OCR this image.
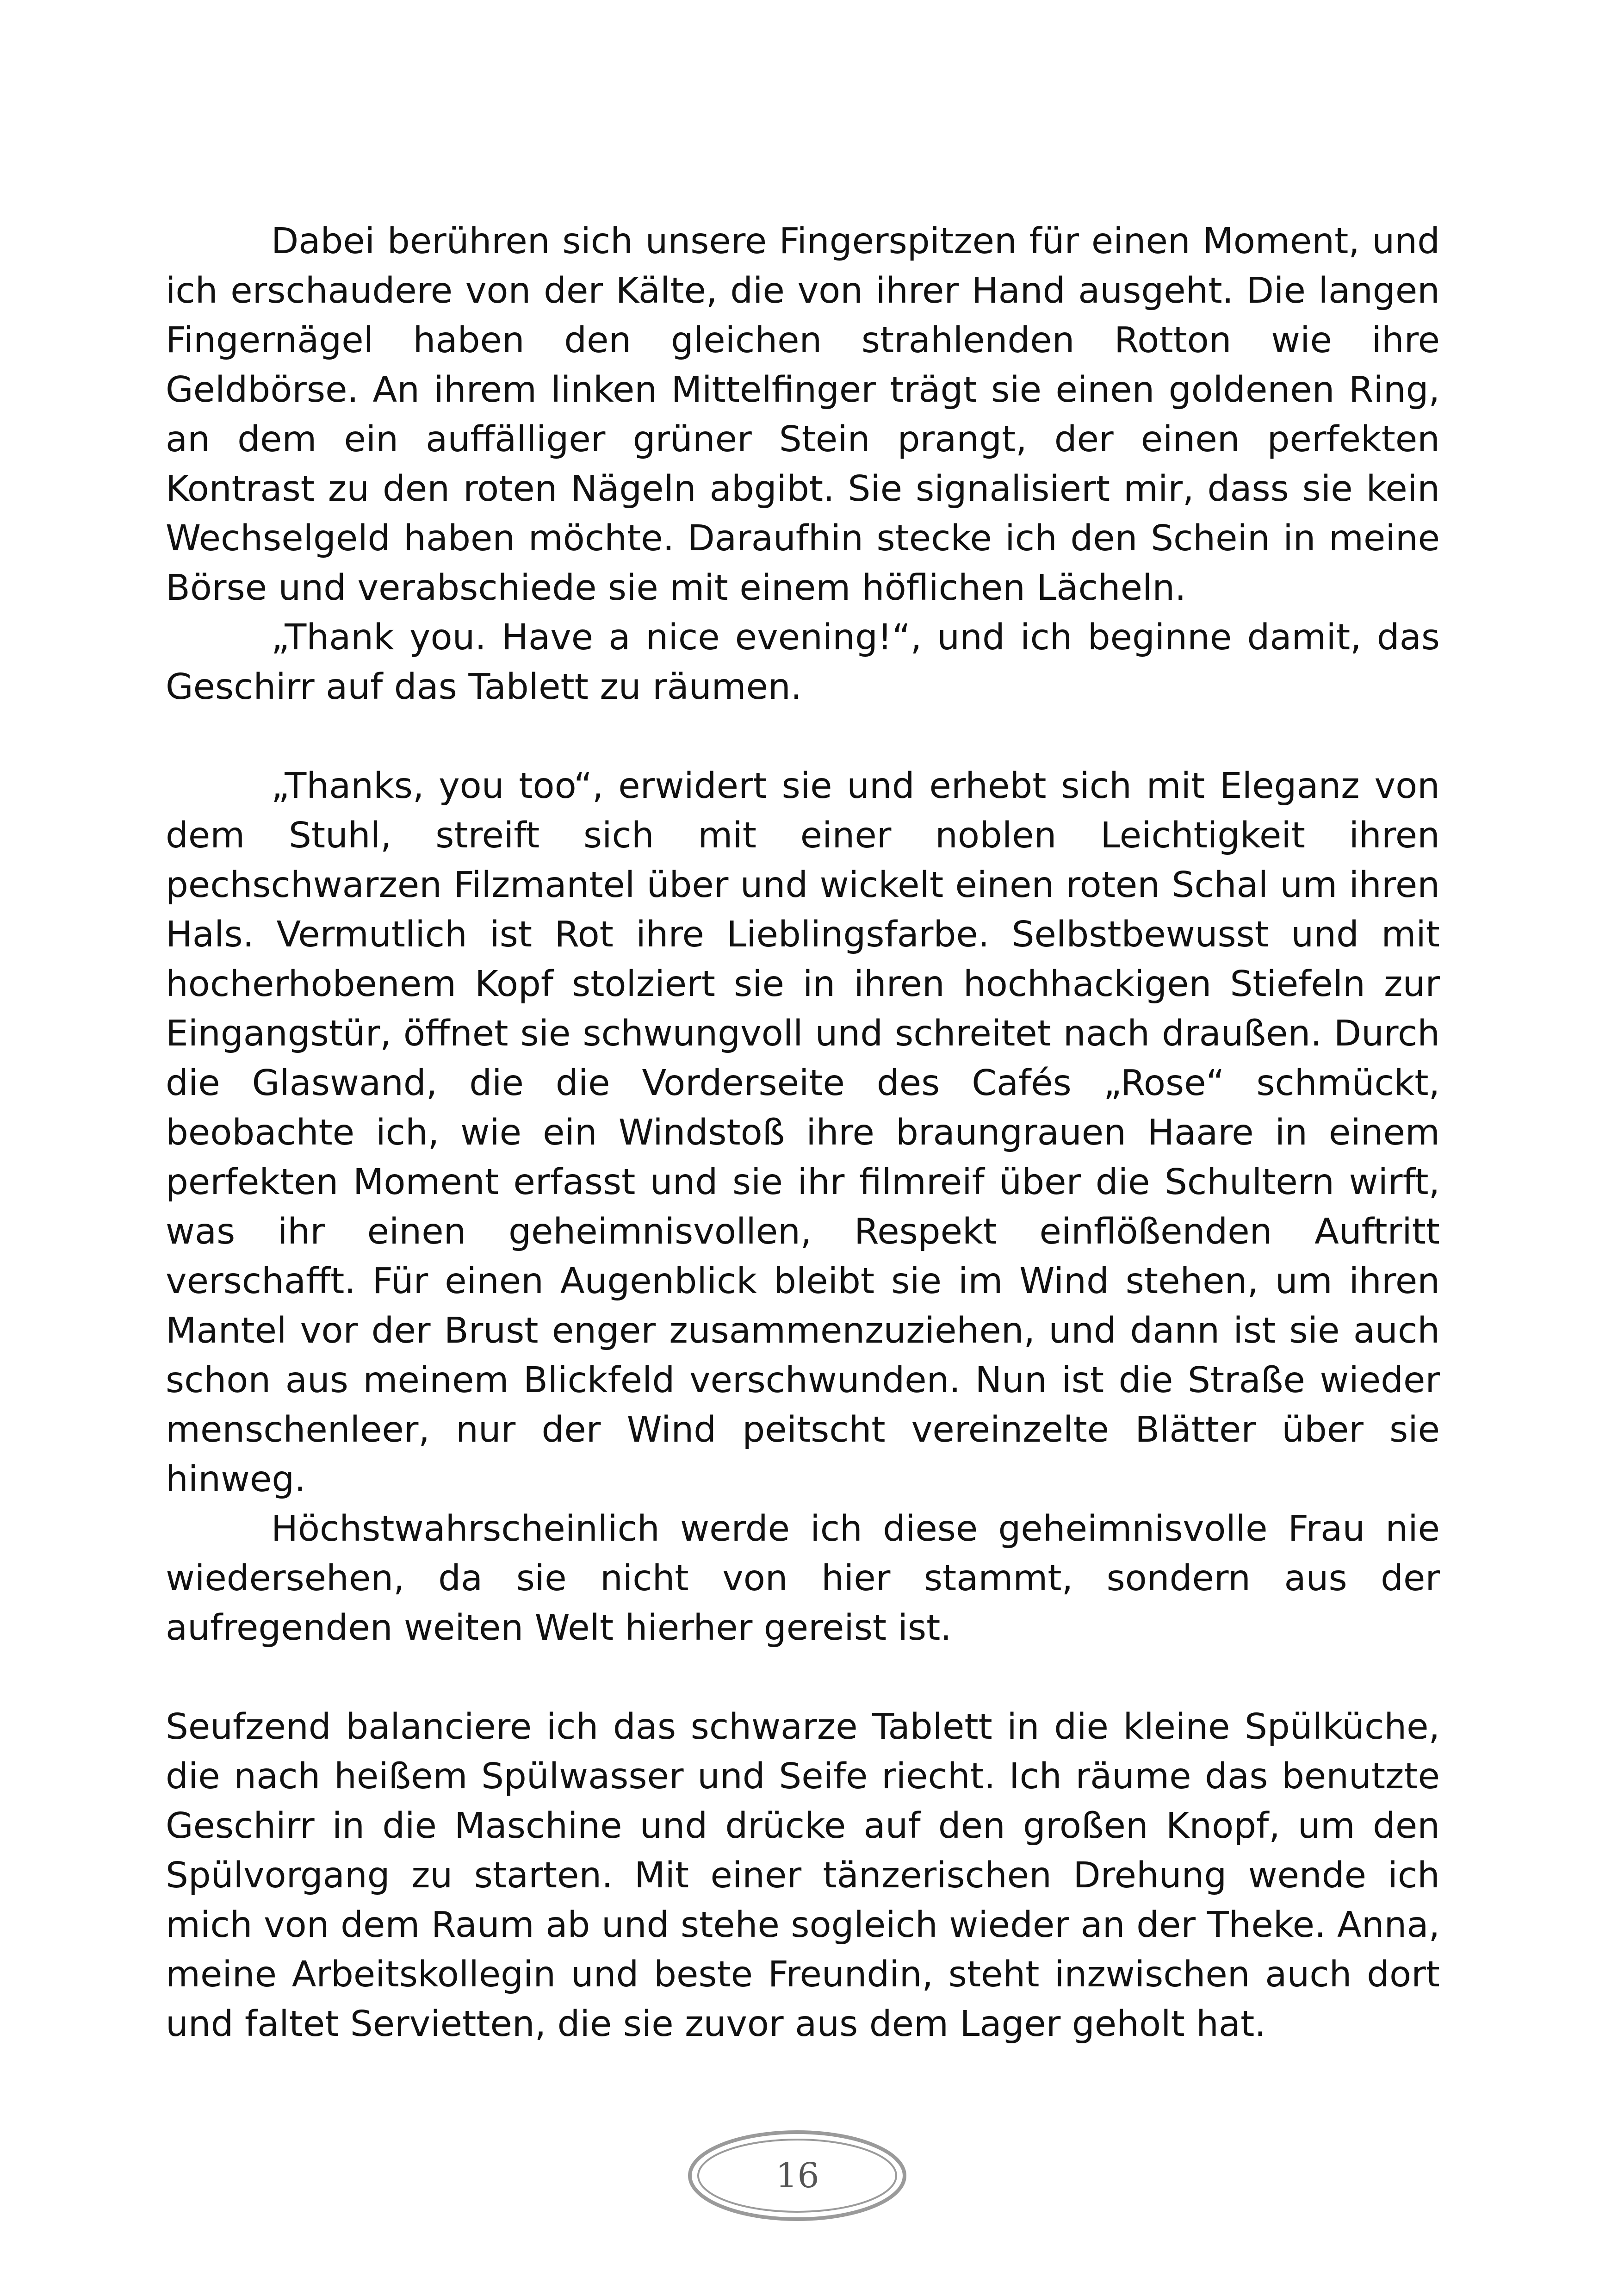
Dabei berühren sich unsere Fingerspitzen für einen Moment, und ich erschaudere von der Kälte, die von ihrer Hand ausgeht. Die langen Fingernägel haben den gleichen strahlenden Rotton wie ihre Geldbörse. An ihrem linken Mittelfinger trägt sie einen goldenen Ring, an dem ein auffälliger grüner Stein prangt, der einen perfekten Kontrast zu den roten Nägeln abgibt. Sie signalisiert mir, dass sie kein Wechselgeld haben möchte. Daraufhin stecke ich den Schein in meine Börse und verabschiede sie mit einem höflichen Lächeln.

„Thank you. Have a nice evening!“, und ich beginne damit, das Geschirr auf das Tablett zu räumen.

„Thanks, you too“, erwidert sie und erhebt sich mit Eleganz von dem Stuhl, streift sich mit einer noblen Leichtigkeit ihren pechschwarzen Filzmantel über und wickelt einen roten Schal um ihren Hals. Vermutlich ist Rot ihre Lieblingsfarbe. Selbstbewusst und mit hocherhobenem Kopf stolziert sie in ihren hochhackigen Stiefeln zur Eingangstür, öffnet sie schwungvoll und schreitet nach draußen. Durch die Glaswand, die die Vorderseite des Cafés „Rose“ schmückt, beobachte ich, wie ein Windstoß ihre braungrauen Haare in einem perfekten Moment erfasst und sie ihr filmreif über die Schultern wirft, was ihr einen geheimnisvollen, Respekt einflößenden Auftritt verschafft. Für einen Augenblick bleibt sie im Wind stehen, um ihren Mantel vor der Brust enger zusammenzuziehen, und dann ist sie auch schon aus meinem Blickfeld verschwunden. Nun ist die Straße wieder menschenleer, nur der Wind peitscht vereinzelte Blätter über sie hinweg.

Höchstwahrscheinlich werde ich diese geheimnisvolle Frau nie wiedersehen, da sie nicht von hier stammt, sondern aus der aufregenden weiten Welt hierher gereist ist.

Seufzend balanciere ich das schwarze Tablett in die kleine Spülküche, die nach heißem Spülwasser und Seife riecht. Ich räume das benutzte Geschirr in die Maschine und drücke auf den großen Knopf, um den Spülvorgang zu starten. Mit einer tänzerischen Drehung wende ich mich von dem Raum ab und stehe sogleich wieder an der Theke. Anna, meine Arbeitskollegin und beste Freundin, steht inzwischen auch dort und faltet Servietten, die sie zuvor aus dem Lager geholt hat.

16
